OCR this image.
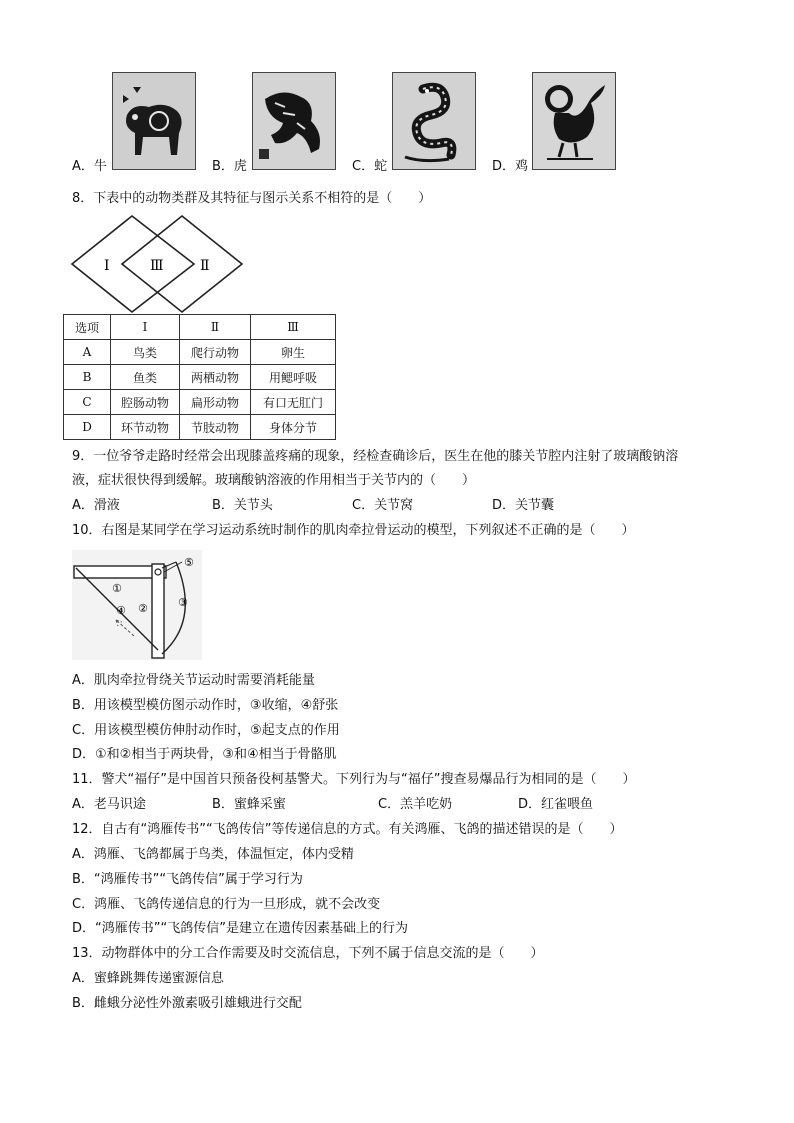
A．牛	B．虎	C．蛇	D．鸡
8．下表中的动物类群及其特征与图示关系不相符的是（　　）
Ⅰ	Ⅲ	Ⅱ
选项	Ⅰ	Ⅱ	Ⅲ
A	鸟类	爬行动物	卵生
B	鱼类	两栖动物	用鳃呼吸
C	腔肠动物	扁形动物	有口无肛门
D	环节动物	节肢动物	身体分节
9．一位爷爷走路时经常会出现膝盖疼痛的现象，经检查确诊后，医生在他的膝关节腔内注射了玻璃酸钠溶
液，症状很快得到缓解。玻璃酸钠溶液的作用相当于关节内的（　　）
A．滑液	B．关节头	C．关节窝	D．关节囊
10．右图是某同学在学习运动系统时制作的肌肉牵拉骨运动的模型，下列叙述不正确的是（　　）
⑤
①
④ ②	③
A．肌肉牵拉骨绕关节运动时需要消耗能量
B．用该模型模仿图示动作时，③收缩，④舒张
C．用该模型模仿伸肘动作时，⑤起支点的作用
D．①和②相当于两块骨，③和④相当于骨骼肌
11．警犬“福仔”是中国首只预备役柯基警犬。下列行为与“福仔”搜查易爆品行为相同的是（　　）
A．老马识途	B．蜜蜂采蜜	C．羔羊吃奶	D．红雀喂鱼
12．自古有“鸿雁传书”“飞鸽传信”等传递信息的方式。有关鸿雁、飞鸽的描述错误的是（　　）
A．鸿雁、飞鸽都属于鸟类，体温恒定，体内受精
B．“鸿雁传书”“飞鸽传信”属于学习行为
C．鸿雁、飞鸽传递信息的行为一旦形成，就不会改变
D．“鸿雁传书”“飞鸽传信”是建立在遗传因素基础上的行为
13．动物群体中的分工合作需要及时交流信息，下列不属于信息交流的是（　　）
A．蜜蜂跳舞传递蜜源信息
B．雌蛾分泌性外激素吸引雄蛾进行交配
